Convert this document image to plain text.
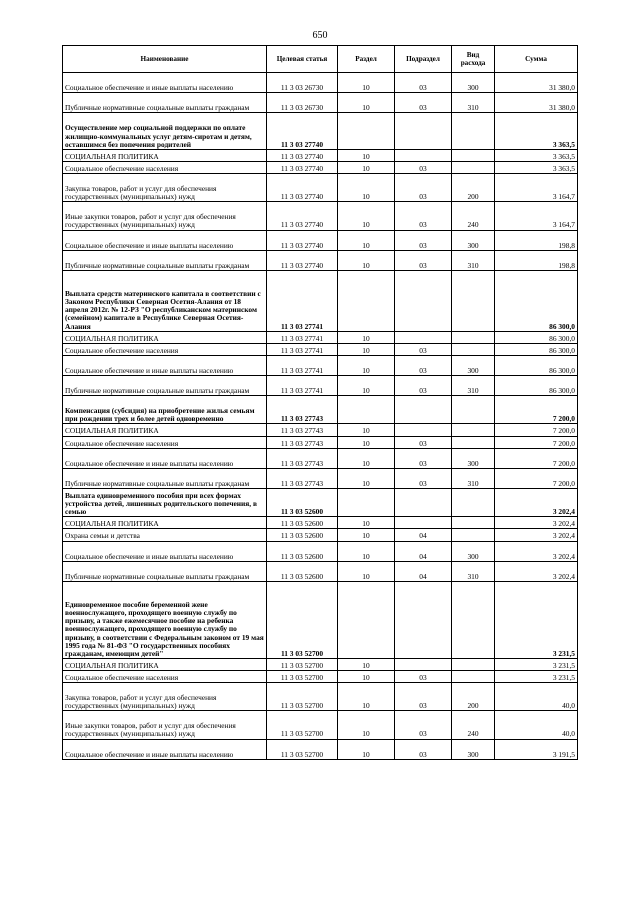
650
Наименование	Целевая статья	Раздел	Подраздел	Вид расхода	Сумма
Социальное обеспечение и иные выплаты населению	11 3 03 26730	10	03	300	31 380,0
Публичные нормативные социальные выплаты гражданам	11 3 03 26730	10	03	310	31 380,0
Осуществление мер социальной поддержки по оплате жилищно-коммунальных услуг детям-сиротам и детям, оставшимся без попечения родителей	11 3 03 27740				3 363,5
СОЦИАЛЬНАЯ ПОЛИТИКА	11 3 03 27740	10			3 363,5
Социальное обеспечение населения	11 3 03 27740	10	03		3 363,5
Закупка товаров, работ и услуг для обеспечения государственных (муниципальных) нужд	11 3 03 27740	10	03	200	3 164,7
Иные закупки товаров, работ и услуг для обеспечения государственных (муниципальных) нужд	11 3 03 27740	10	03	240	3 164,7
Социальное обеспечение и иные выплаты населению	11 3 03 27740	10	03	300	198,8
Публичные нормативные социальные выплаты гражданам	11 3 03 27740	10	03	310	198,8
Выплата средств материнского капитала в соответствии с Законом Республики Северная Осетия-Алания от 18 апреля 2012г. № 12-РЗ "О республиканском материнском (семейном) капитале в Республике Северная Осетия-Алания	11 3 03 27741				86 300,0
СОЦИАЛЬНАЯ ПОЛИТИКА	11 3 03 27741	10			86 300,0
Социальное обеспечение населения	11 3 03 27741	10	03		86 300,0
Социальное обеспечение и иные выплаты населению	11 3 03 27741	10	03	300	86 300,0
Публичные нормативные социальные выплаты гражданам	11 3 03 27741	10	03	310	86 300,0
Компенсация (субсидия) на приобретение жилья семьям при рождении трех и более детей одновременно	11 3 03 27743				7 200,0
СОЦИАЛЬНАЯ ПОЛИТИКА	11 3 03 27743	10			7 200,0
Социальное обеспечение населения	11 3 03 27743	10	03		7 200,0
Социальное обеспечение и иные выплаты населению	11 3 03 27743	10	03	300	7 200,0
Публичные нормативные социальные выплаты гражданам	11 3 03 27743	10	03	310	7 200,0
Выплата единовременного пособия при всех формах устройства детей, лишенных родительского попечения, в семью	11 3 03 52600				3 202,4
СОЦИАЛЬНАЯ ПОЛИТИКА	11 3 03 52600	10			3 202,4
Охрана семьи и детства	11 3 03 52600	10	04		3 202,4
Социальное обеспечение и иные выплаты населению	11 3 03 52600	10	04	300	3 202,4
Публичные нормативные социальные выплаты гражданам	11 3 03 52600	10	04	310	3 202,4
Единовременное пособие беременной жене военнослужащего, проходящего военную службу по призыву, а также ежемесячное пособие на ребенка военнослужащего, проходящего военную службу по призыву, в соответствии с Федеральным законом от 19 мая 1995 года № 81-ФЗ "О государственных пособиях гражданам, имеющим детей"	11 3 03 52700				3 231,5
СОЦИАЛЬНАЯ ПОЛИТИКА	11 3 03 52700	10			3 231,5
Социальное обеспечение населения	11 3 03 52700	10	03		3 231,5
Закупка товаров, работ и услуг для обеспечения государственных (муниципальных) нужд	11 3 03 52700	10	03	200	40,0
Иные закупки товаров, работ и услуг для обеспечения государственных (муниципальных) нужд	11 3 03 52700	10	03	240	40,0
Социальное обеспечение и иные выплаты населению	11 3 03 52700	10	03	300	3 191,5
